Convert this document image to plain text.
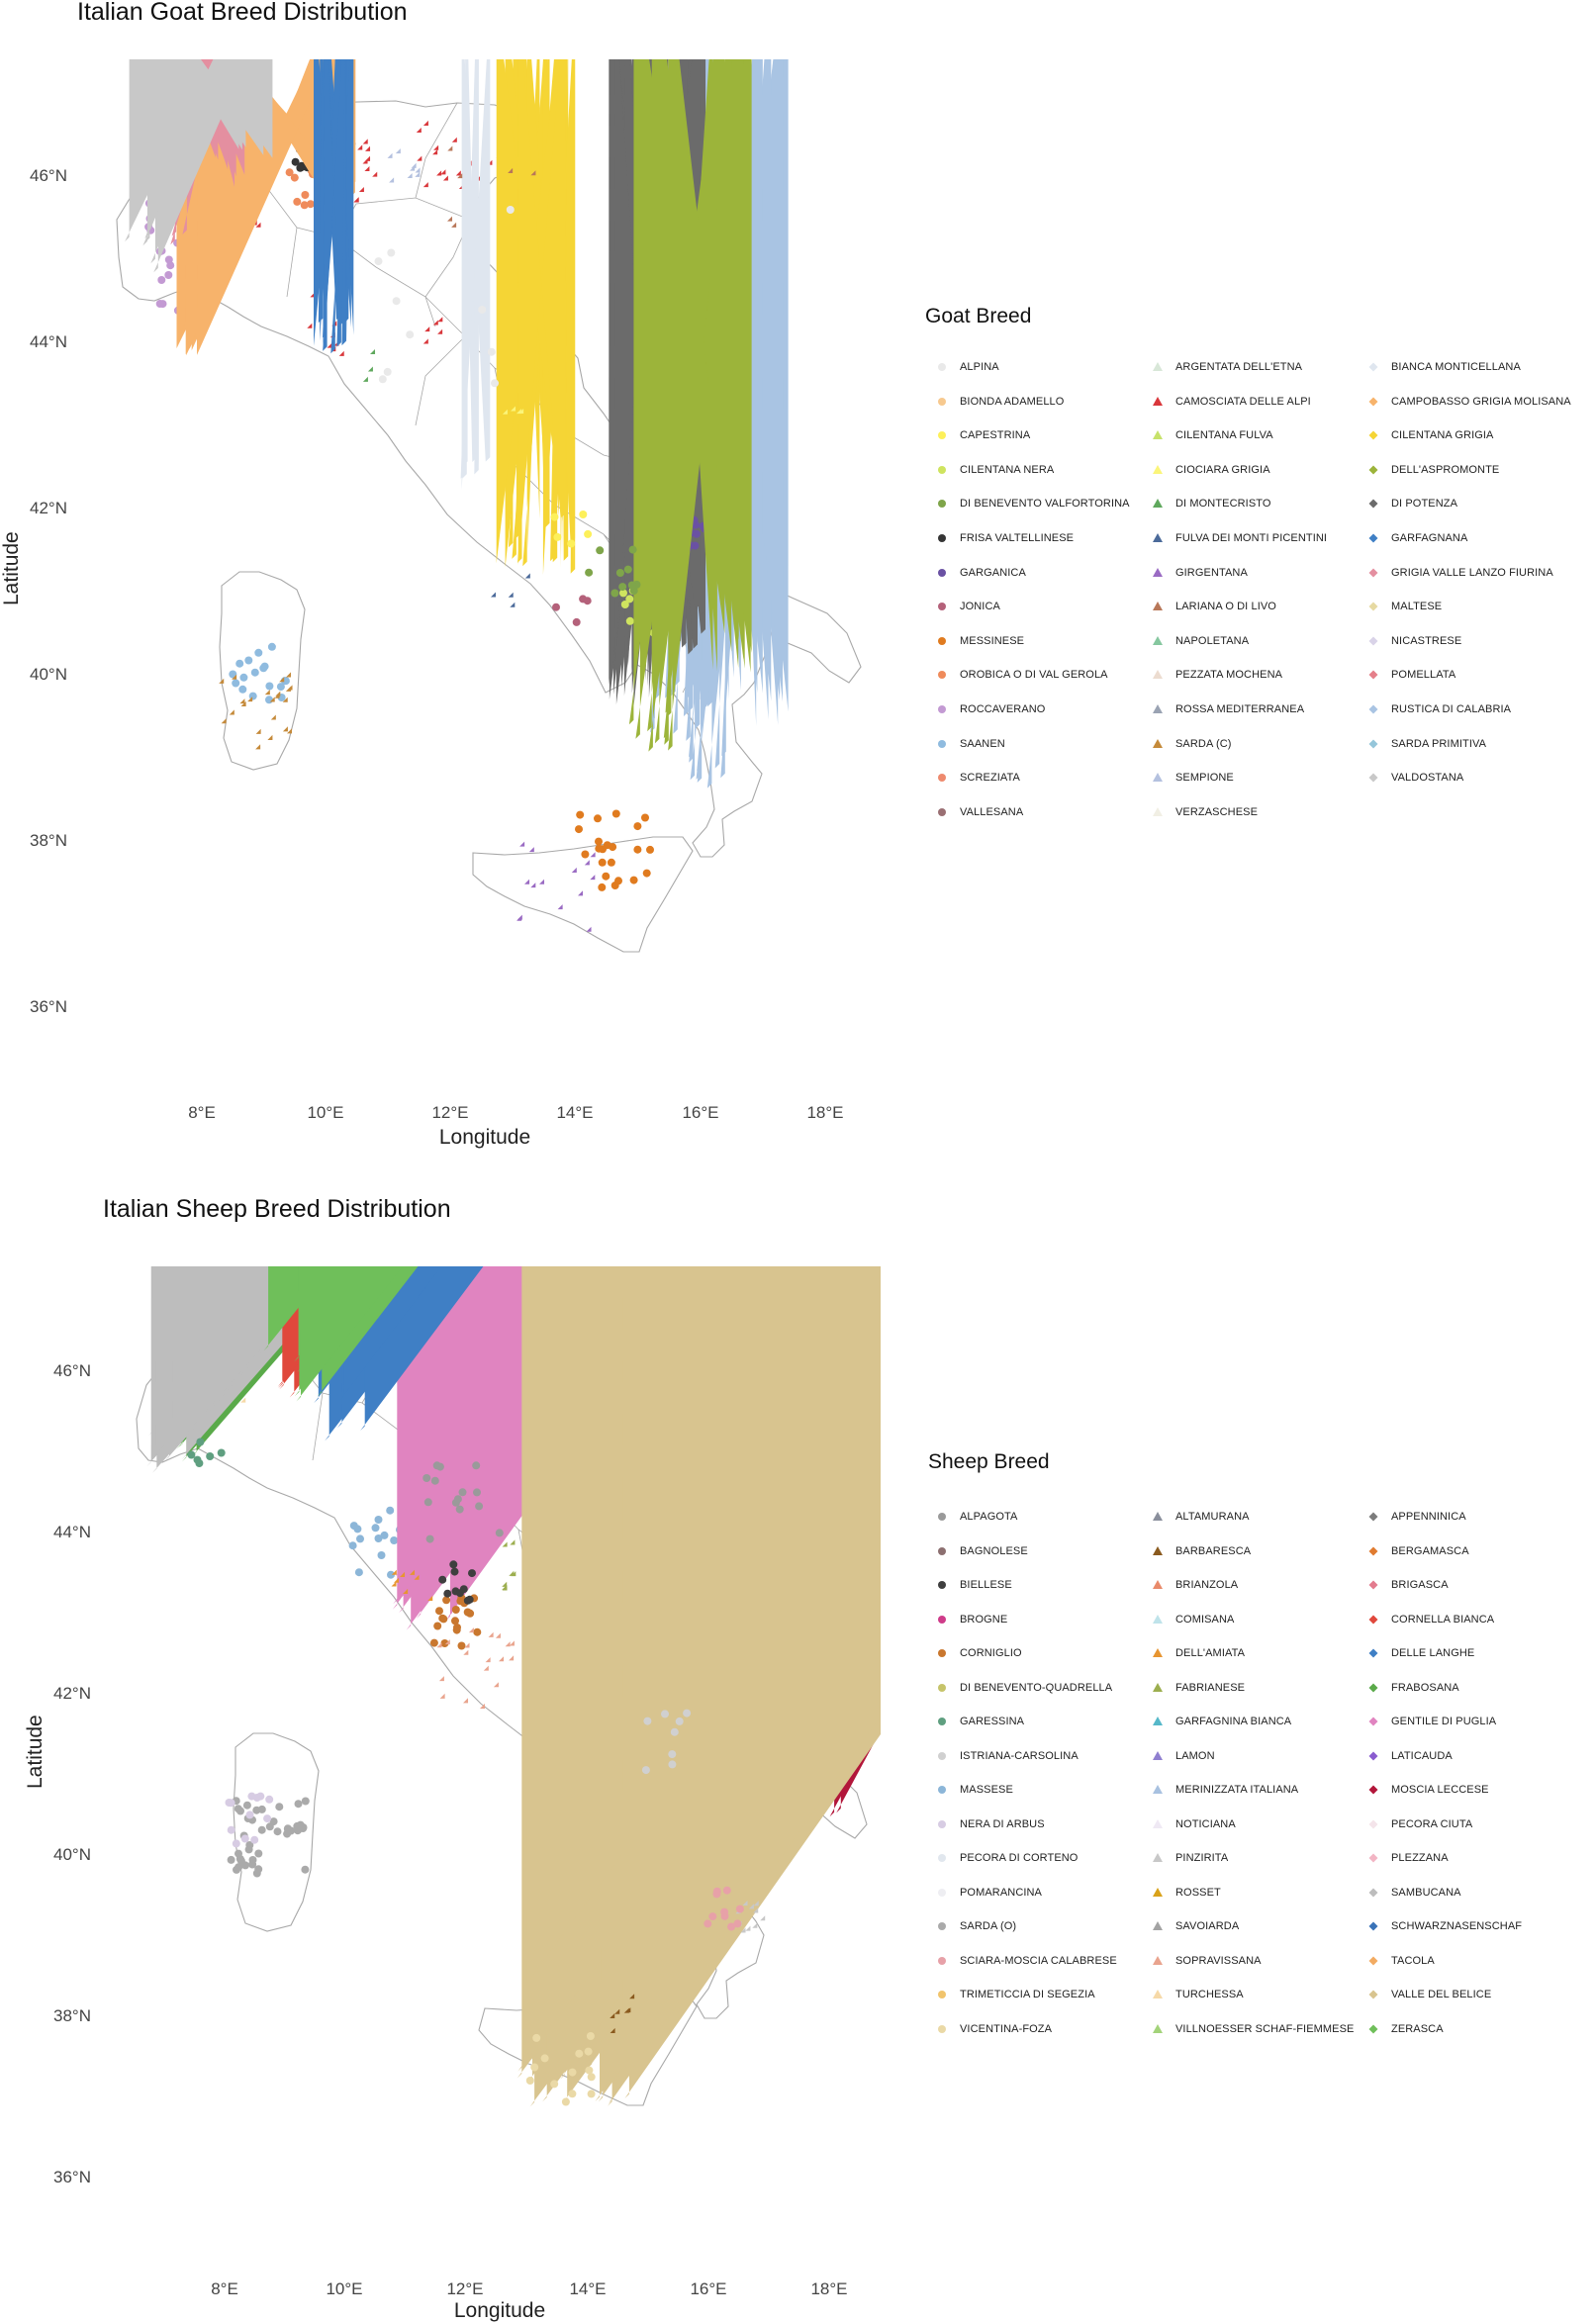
Italian Goat Breed Distribution
Latitude
46°N
44°N
42°N
40°N
38°N
36°N
8°E	10°E	12°E	14°E	16°E	18°E
Longitude
Goat Breed
ALPINA	ARGENTATA DELL'ETNA	BIANCA MONTICELLANA
BIONDA ADAMELLO	CAMOSCIATA DELLE ALPI	CAMPOBASSO GRIGIA MOLISANA
CAPESTRINA	CILENTANA FULVA	CILENTANA GRIGIA
CILENTANA NERA	CIOCIARA GRIGIA	DELL'ASPROMONTE
DI BENEVENTO VALFORTORINA	DI MONTECRISTO	DI POTENZA
FRISA VALTELLINESE	FULVA DEI MONTI PICENTINI	GARFAGNANA
GARGANICA	GIRGENTANA	GRIGIA VALLE LANZO FIURINA
JONICA	LARIANA O DI LIVO	MALTESE
MESSINESE	NAPOLETANA	NICASTRESE
OROBICA O DI VAL GEROLA	PEZZATA MOCHENA	POMELLATA
ROCCAVERANO	ROSSA MEDITERRANEA	RUSTICA DI CALABRIA
SAANEN	SARDA (C)	SARDA PRIMITIVA
SCREZIATA	SEMPIONE	VALDOSTANA
VALLESANA	VERZASCHESE
Italian Sheep Breed Distribution
Latitude
46°N
44°N
42°N
40°N
38°N
36°N
8°E	10°E	12°E	14°E	16°E	18°E
Longitude
Sheep Breed
ALPAGOTA	ALTAMURANA	APPENNINICA
BAGNOLESE	BARBARESCA	BERGAMASCA
BIELLESE	BRIANZOLA	BRIGASCA
BROGNE	COMISANA	CORNELLA BIANCA
CORNIGLIO	DELL'AMIATA	DELLE LANGHE
DI BENEVENTO-QUADRELLA	FABRIANESE	FRABOSANA
GARESSINA	GARFAGNINA BIANCA	GENTILE DI PUGLIA
ISTRIANA-CARSOLINA	LAMON	LATICAUDA
MASSESE	MERINIZZATA ITALIANA	MOSCIA LECCESE
NERA DI ARBUS	NOTICIANA	PECORA CIUTA
PECORA DI CORTENO	PINZIRITA	PLEZZANA
POMARANCINA	ROSSET	SAMBUCANA
SARDA (O)	SAVOIARDA	SCHWARZNASENSCHAF
SCIARA-MOSCIA CALABRESE	SOPRAVISSANA	TACOLA
TRIMETICCIA DI SEGEZIA	TURCHESSA	VALLE DEL BELICE
VICENTINA-FOZA	VILLNOESSER SCHAF-FIEMMESE	ZERASCA
